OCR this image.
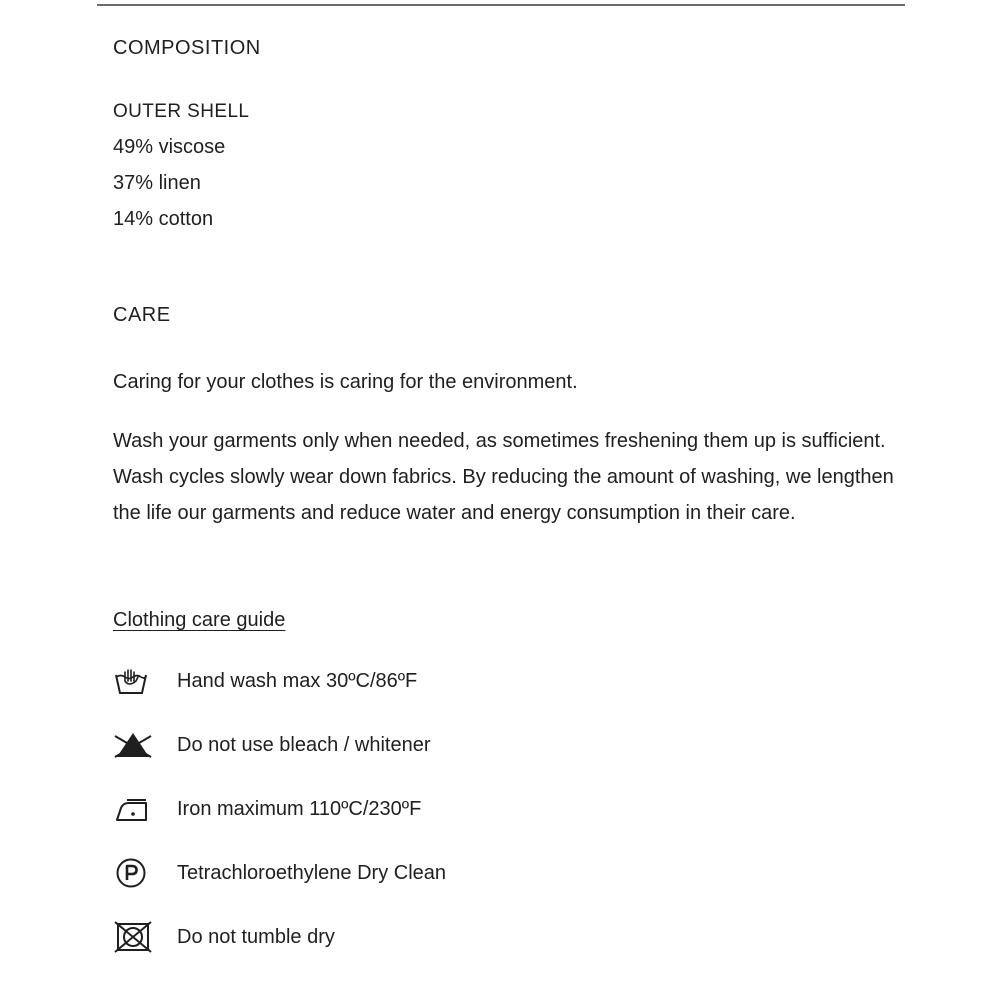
COMPOSITION
OUTER SHELL
49% viscose
37% linen
14% cotton
CARE
Caring for your clothes is caring for the environment.
Wash your garments only when needed, as sometimes freshening them up is sufficient. Wash cycles slowly wear down fabrics. By reducing the amount of washing, we lengthen the life our garments and reduce water and energy consumption in their care.
Clothing care guide
Hand wash max 30ºC/86ºF
Do not use bleach / whitener
Iron maximum 110ºC/230ºF
Tetrachloroethylene Dry Clean
Do not tumble dry
